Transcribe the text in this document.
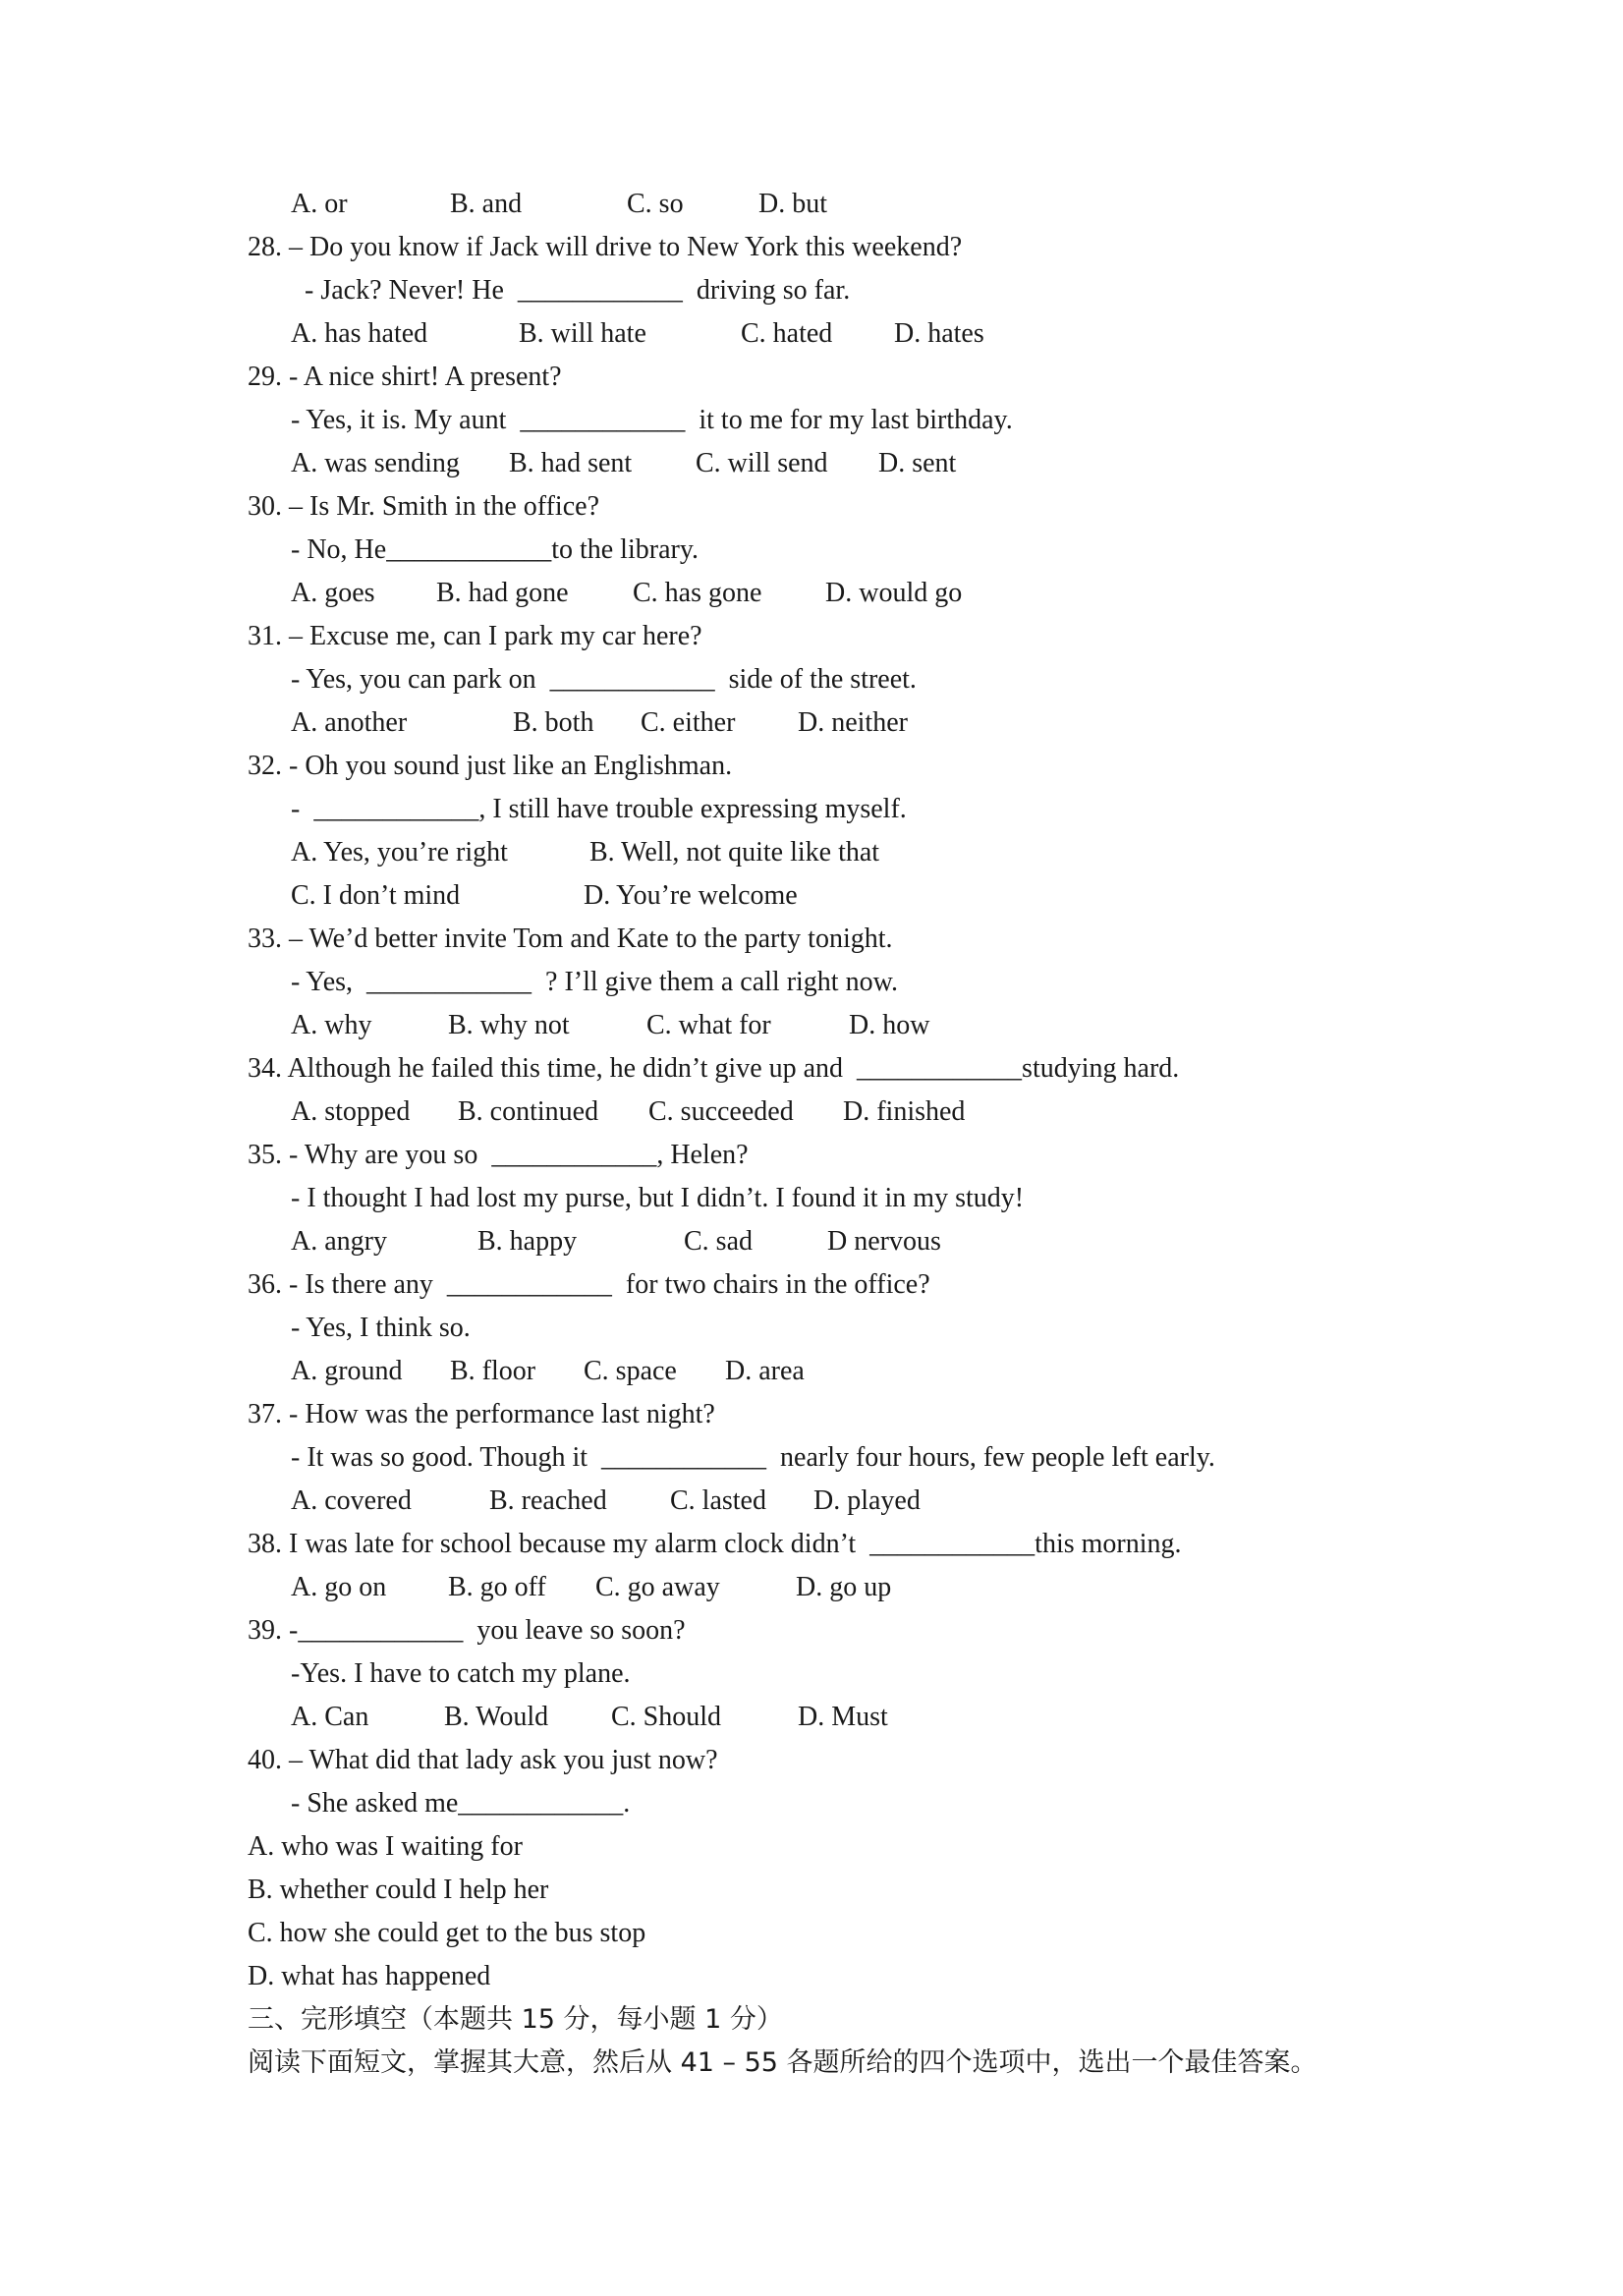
A. or	B. and	C. so	D. but
28. – Do you know if Jack will drive to New York this weekend?
- Jack? Never! He  ____________  driving so far.
A. has hated	B. will hate	C. hated D. hates
29. - A nice shirt! A present?
- Yes, it is. My aunt  ____________  it to me for my last birthday.
A. was sending B. had sent C. will send D. sent
30. – Is Mr. Smith in the office?
- No, He____________to the library.
A. goes B. had gone C. has gone D. would go
31. – Excuse me, can I park my car here?
- Yes, you can park on  ____________  side of the street.
A. another	B. both C. either D. neither
32. - Oh you sound just like an Englishman.
-  ____________, I still have trouble expressing myself.
A. Yes, you’re right	B. Well, not quite like that
C. I don’t mind	D. You’re welcome
33. – We’d better invite Tom and Kate to the party tonight.
- Yes,  ____________  ? I’ll give them a call right now.
A. why	B. why not	C. what for	D. how
34. Although he failed this time, he didn’t give up and  ____________studying hard.
A. stopped B. continued C. succeeded D. finished
35. - Why are you so  ____________, Helen?
- I thought I had lost my purse, but I didn’t. I found it in my study!
A. angry	B. happy	C. sad	D nervous
36. - Is there any  ____________  for two chairs in the office?
- Yes, I think so.
A. ground B. floor C. space D. area
37. - How was the performance last night?
- It was so good. Though it  ____________  nearly four hours, few people left early.
A. covered	B. reached C. lasted D. played
38. I was late for school because my alarm clock didn’t  ____________this morning.
A. go on B. go off C. go away	D. go up
39. -____________  you leave so soon?
-Yes. I have to catch my plane.
A. Can	B. Would C. Should	D. Must
40. – What did that lady ask you just now?
- She asked me____________.
A. who was I waiting for
B. whether could I help her
C. how she could get to the bus stop
D. what has happened
三、完形填空（本题共 15 分，每小题 1 分）
阅读下面短文，掌握其大意，然后从 41 – 55 各题所给的四个选项中，选出一个最佳答案。
